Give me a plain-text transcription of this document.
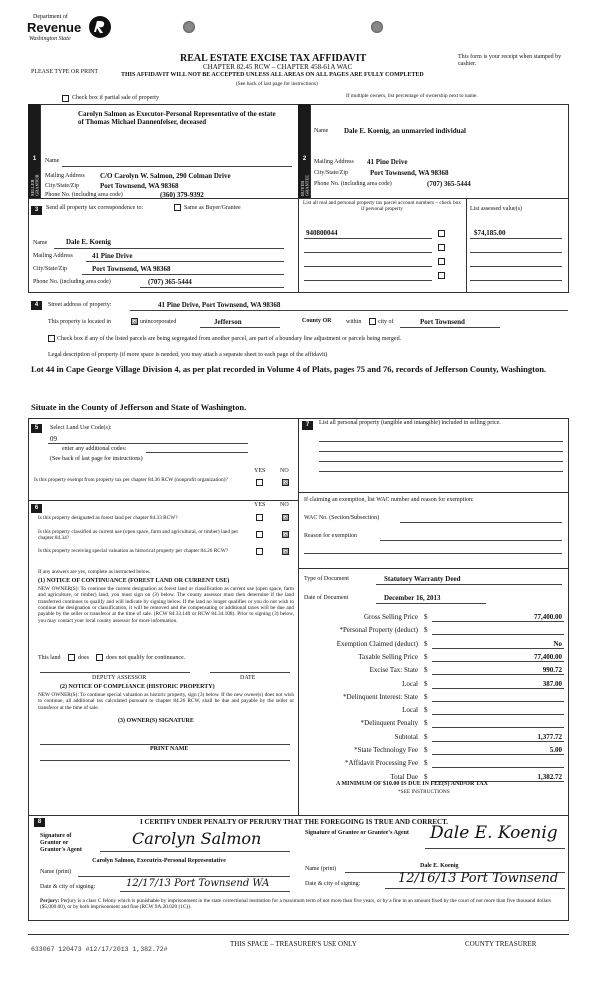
Department of
Revenue
Washington State
PLEASE TYPE OR PRINT
REAL ESTATE EXCISE TAX AFFIDAVIT
CHAPTER 82.45 RCW – CHAPTER 458-61A WAC
THIS AFFIDAVIT WILL NOT BE ACCEPTED UNLESS ALL AREAS ON ALL PAGES ARE FULLY COMPLETED
(See back of last page for instructions)
This form is your receipt when stamped by cashier.
Check box if partial sale of property	If multiple owners, list percentage of ownership next to name.
1	2
SELLER GRANTOR	BUYER GRANTEE
Name
Carolyn Salmon as Executor-Personal Representative of the estate of Thomas Michael Dannenfelser, deceased
Mailing Address C/O Carolyn W. Salmon, 290 Colman Drive
City/State/Zip	Port Townsend, WA 98368
Phone No. (including area code)	(360) 379-9392
Name Dale E. Koenig, an unmarried individual
Mailing Address 41 Pine Drive
City/State/Zip	Port Townsend, WA 98368
Phone No. (including area code)	(707) 365-5444
3	Send all property tax correspondence to:	Same as Buyer/Grantee
Name	Dale E. Koenig
Mailing Address	41 Pine Drive
City/State/Zip	Port Townsend, WA 98368
Phone No. (including area code)	(707) 365-5444
List all real and personal property tax parcel account numbers – check box if personal property	List assessed value(s)
940800044	$74,185.00
4	Street address of property:	41 Pine Drive, Port Townsend, WA 98368
This property is located in	☒ unincorporated	Jefferson	County OR within	city of	Port Townsend
Check box if any of the listed parcels are being segregated from another parcel, are part of a boundary line adjustment or parcels being merged.
Legal description of property (if more space is needed, you may attach a separate sheet to each page of the affidavit)
Lot 44 in Cape George Village Division 4, as per plat recorded in Volume 4 of Plats, pages 75 and 76, records of Jefferson County, Washington.
Situate in the County of Jefferson and State of Washington.
5	Select Land Use Code(s):
09
enter any additional codes:
(See back of last page for instructions)
YES NO
Is this property exempt from property tax per chapter 84.36 RCW (nonprofit organization)?	☒
6	YES NO
Is this property designated as forest land per chapter 84.33 RCW?	☒
Is this property classified as current use (open space, farm and agricultural, or timber) land per chapter 84.34?	☒
Is this property receiving special valuation as historical property per chapter 84.26 RCW?	☒
If any answers are yes, complete as instructed below.
(1) NOTICE OF CONTINUANCE (FOREST LAND OR CURRENT USE)
NEW OWNER(S): To continue the current designation as forest land or classification as current use (open space, farm and agriculture, or timber) land, you must sign on (3) below. The county assessor must then determine if the land transferred continues to qualify and will indicate by signing below. If the land no longer qualifies or you do not wish to continue the designation or classification, it will be removed and the compensating or additional taxes will be due and payable by the seller or transferor at the time of sale. (RCW 84.33.140 or RCW 84.34.108). Prior to signing (3) below, you may contact your local county assessor for more information.
This land	does	does not qualify for continuance.
DEPUTY ASSESSOR	DATE
(2) NOTICE OF COMPLIANCE (HISTORIC PROPERTY)
NEW OWNER(S): To continue special valuation as historic property, sign (3) below. If the new owner(s) does not wish to continue, all additional tax calculated pursuant to chapter 84.26 RCW, shall be due and payable by the seller or transferor at the time of sale.
(3) OWNER(S) SIGNATURE
PRINT NAME
7	List all personal property (tangible and intangible) included in selling price.
If claiming an exemption, list WAC number and reason for exemption:
WAC No. (Section/Subsection)
Reason for exemption
Type of Document	Statutory Warranty Deed
Date of Document	December 16, 2013
Gross Selling Price $	77,400.00
*Personal Property (deduct) $
Exemption Claimed (deduct) $	No
Taxable Selling Price $	77,400.00
Excise Tax: State $	990.72
Local $	387.00
*Delinquent Interest: State $
Local $
*Delinquent Penalty $
Subtotal $	1,377.72
*State Technology Fee $	5.00
*Affidavit Processing Fee $
Total Due $	1,382.72
A MINIMUM OF $10.00 IS DUE IN FEE(S) AND/OR TAX
*SEE INSTRUCTIONS
8	I CERTIFY UNDER PENALTY OF PERJURY THAT THE FOREGOING IS TRUE AND CORRECT.
Signature of Grantor or Grantor's Agent
Carolyn Salmon
Carolyn Salmon, Executrix-Personal Representative
Name (print)
Date & city of signing:	12/17/13 Port Townsend WA
Signature of Grantee or Grantee's Agent	Dale E. Koenig
Name (print)	Dale E. Koenig
Date & city of signing:	12/16/13 Port Townsend
Perjury: Perjury is a class C felony which is punishable by imprisonment in the state correctional institution for a maximum term of not more than five years, or by a fine in an amount fixed by the court of not more than five thousand dollars ($5,000.00), or by both imprisonment and fine (RCW 9A.20.020 (1C)).
633067 120473 #12/17/2013 1,382.72#
THIS SPACE – TREASURER'S USE ONLY	COUNTY TREASURER
